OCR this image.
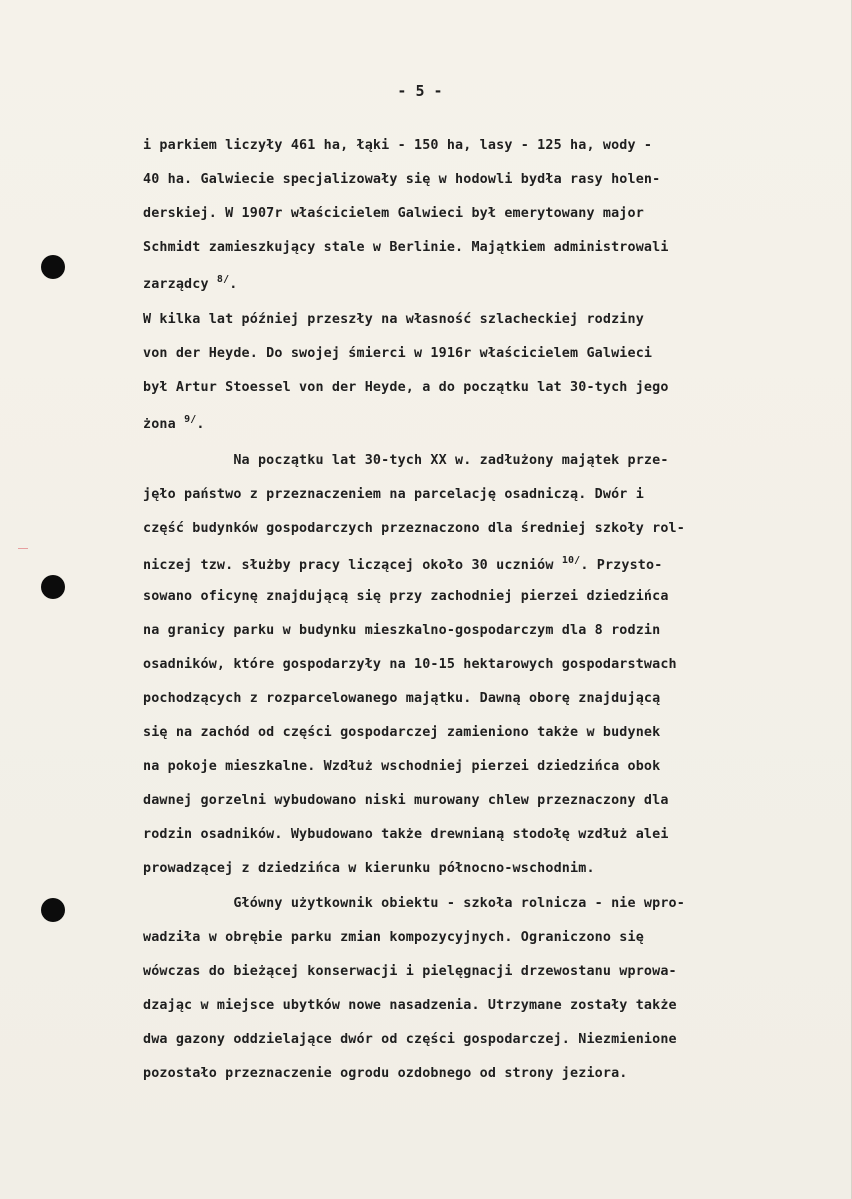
- 5 -
i parkiem liczyły 461 ha, łąki - 150 ha, lasy - 125 ha, wody -
40 ha. Galwiecie specjalizowały się w hodowli bydła rasy holen-
derskiej. W 1907r właścicielem Galwieci był emerytowany major
Schmidt zamieszkujący stale w Berlinie. Majątkiem administrowali
zarządcy $^{8/}$.
W kilka lat później przeszły na własność szlacheckiej rodziny
von der Heyde. Do swojej śmierci w 1916r właścicielem Galwieci
był Artur Stoessel von der Heyde, a do początku lat 30-tych jego
żona $^{9/}$.
Na początku lat 30-tych XX w. zadłużony majątek prze-
jęło państwo z przeznaczeniem na parcelację osadniczą. Dwór i
część budynków gospodarczych przeznaczono dla średniej szkoły rol-
niczej tzw. służby pracy liczącej około 30 uczniów $^{10/}$. Przysto-
sowano oficynę znajdującą się przy zachodniej pierzei dziedzińca
na granicy parku w budynku mieszkalno-gospodarczym dla 8 rodzin
osadników, które gospodarzyły na 10-15 hektarowych gospodarstwach
pochodzących z rozparcelowanego majątku. Dawną oborę znajdującą
się na zachód od części gospodarczej zamieniono także w budynek
na pokoje mieszkalne. Wzdłuż wschodniej pierzei dziedzińca obok
dawnej gorzelni wybudowano niski murowany chlew przeznaczony dla
rodzin osadników. Wybudowano także drewnianą stodołę wzdłuż alei
prowadzącej z dziedzińca w kierunku północno-wschodnim.
Główny użytkownik obiektu - szkoła rolnicza - nie wpro-
wadziła w obrębie parku zmian kompozycyjnych. Ograniczono się
wówczas do bieżącej konserwacji i pielęgnacji drzewostanu wprowa-
dzając w miejsce ubytków nowe nasadzenia. Utrzymane zostały także
dwa gazony oddzielające dwór od części gospodarczej. Niezmienione
pozostało przeznaczenie ogrodu ozdobnego od strony jeziora.
